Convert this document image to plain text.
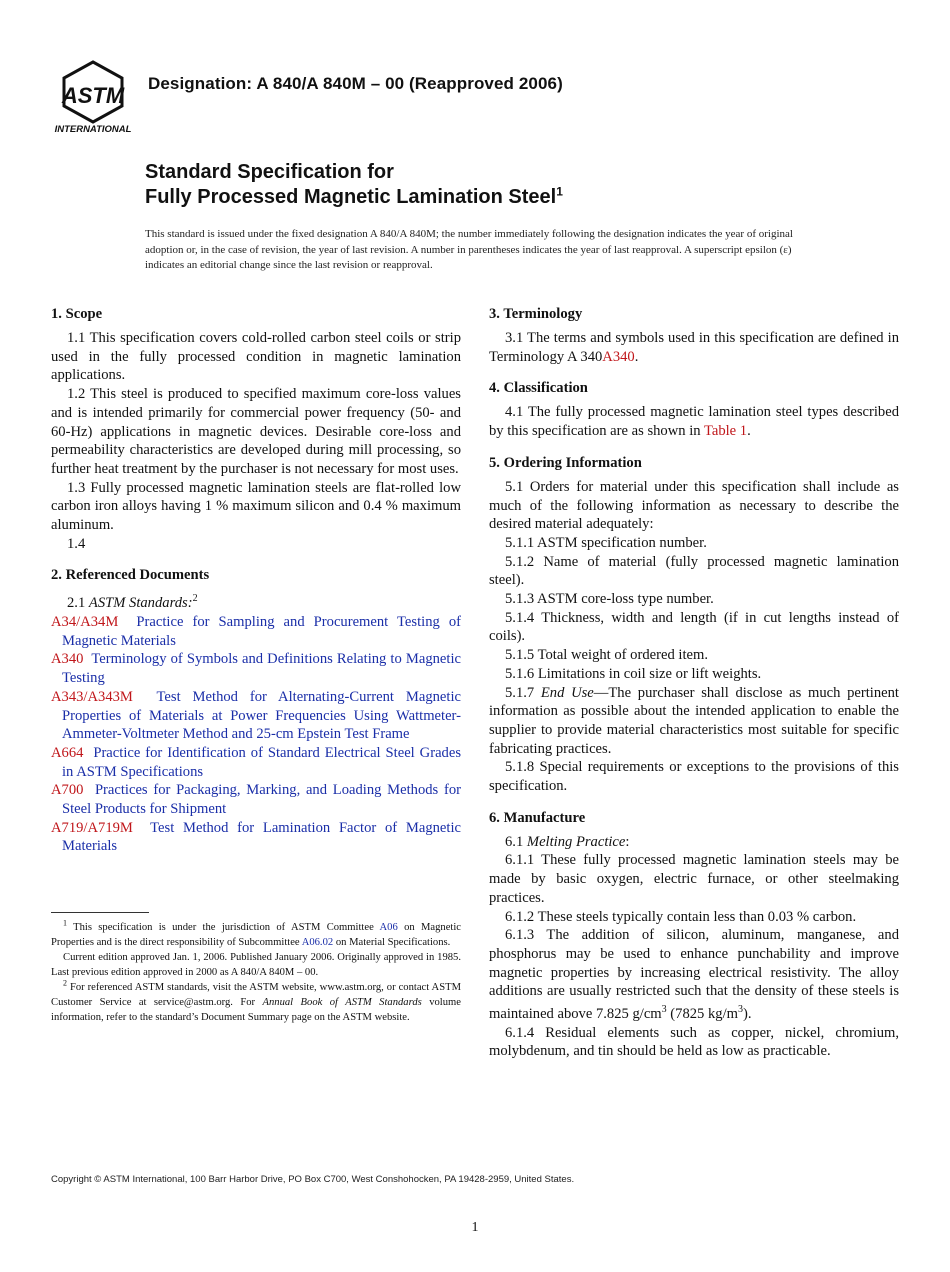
ASTM
INTERNATIONAL
Designation: A 840/A 840M – 00 (Reapproved 2006)
Standard Specification for
Fully Processed Magnetic Lamination Steel$^1$
This standard is issued under the fixed designation A 840/A 840M; the number immediately following the designation indicates the year of original adoption or, in the case of revision, the year of last revision. A number in parentheses indicates the year of last reapproval. A superscript epsilon (ε) indicates an editorial change since the last revision or reapproval.
1. Scope

1.1 This specification covers cold-rolled carbon steel coils or strip used in the fully processed condition in magnetic lamination applications.

1.2 This steel is produced to specified maximum core-loss values and is intended primarily for commercial power frequency (50- and 60-Hz) applications in magnetic devices. Desirable core-loss and permeability characteristics are developed during mill processing, so further heat treatment by the purchaser is not necessary for most uses.

1.3 Fully processed magnetic lamination steels are flat-rolled low carbon iron alloys having 1 % maximum silicon and 0.4 % maximum aluminum.

1.4

2. Referenced Documents

2.1 ASTM Standards:$^2$

A34/A34M Practice for Sampling and Procurement Testing of Magnetic Materials
A340 Terminology of Symbols and Definitions Relating to Magnetic Testing
A343/A343M Test Method for Alternating-Current Magnetic Properties of Materials at Power Frequencies Using Wattmeter-Ammeter-Voltmeter Method and 25-cm Epstein Test Frame
A664 Practice for Identification of Standard Electrical Steel Grades in ASTM Specifications
A700 Practices for Packaging, Marking, and Loading Methods for Steel Products for Shipment
A719/A719M Test Method for Lamination Factor of Magnetic Materials
3. Terminology

3.1 The terms and symbols used in this specification are defined in Terminology A 340A340.

4. Classification

4.1 The fully processed magnetic lamination steel types described by this specification are as shown in Table 1.

5. Ordering Information

5.1 Orders for material under this specification shall include as much of the following information as necessary to describe the desired material adequately:

5.1.1 ASTM specification number.

5.1.2 Name of material (fully processed magnetic lamination steel).

5.1.3 ASTM core-loss type number.

5.1.4 Thickness, width and length (if in cut lengths instead of coils).

5.1.5 Total weight of ordered item.

5.1.6 Limitations in coil size or lift weights.

5.1.7 End Use—The purchaser shall disclose as much pertinent information as possible about the intended application to enable the supplier to provide material characteristics most suitable for specific fabricating practices.

5.1.8 Special requirements or exceptions to the provisions of this specification.

6. Manufacture

6.1 Melting Practice:

6.1.1 These fully processed magnetic lamination steels may be made by basic oxygen, electric furnace, or other steelmaking practices.

6.1.2 These steels typically contain less than 0.03 % carbon.

6.1.3 The addition of silicon, aluminum, manganese, and phosphorus may be used to enhance punchability and improve magnetic properties by increasing electrical resistivity. The alloy additions are usually restricted such that the density of these steels is maintained above 7.825 $g/cm^3$ (7825 $kg/m^3$).

6.1.4 Residual elements such as copper, nickel, chromium, molybdenum, and tin should be held as low as practicable.

$^1$ This specification is under the jurisdiction of ASTM Committee A06 on Magnetic Properties and is the direct responsibility of Subcommittee A06.02 on Material Specifications.

Current edition approved Jan. 1, 2006. Published January 2006. Originally approved in 1985. Last previous edition approved in 2000 as A 840/A 840M – 00.

$^2$ For referenced ASTM standards, visit the ASTM website, www.astm.org, or contact ASTM Customer Service at service@astm.org. For Annual Book of ASTM Standards volume information, refer to the standard’s Document Summary page on the ASTM website.

Copyright © ASTM International, 100 Barr Harbor Drive, PO Box C700, West Conshohocken, PA 19428-2959, United States.
1
